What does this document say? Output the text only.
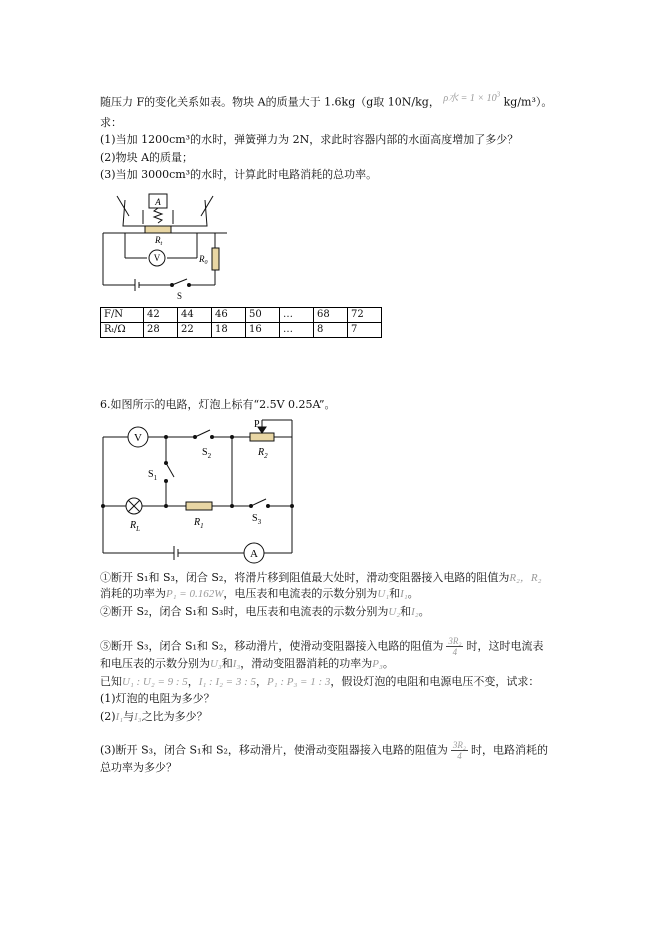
随压力 F的变化关系如表。物块 A的质量大于 1.6kg（g取 10N/kg， ρ水 = $1 \times 10^3$ kg/m³）。
求：
(1)当加 1200cm³的水时，弹簧弹力为 2N，求此时容器内部的水面高度增加了多少？
(2)物块 A的质量；
(3)当加 3000cm³的水时，计算此时电路消耗的总功率。
A
$R_t$
V	$R_0$
S
F/N	42	44	46	50	…	68	72
Rₜ/Ω	28	22	18	16	…	8	7
6.如图所示的电路，灯泡上标有“2.5V 0.25A”。
V
A
P
$R_2$
$S_2$
$S_1$
$R_L$
$R_1$
$S_3$
①断开 S₁和 S₃，闭合 S₂，将滑片移到阻值最大处时，滑动变阻器接入电路的阻值为R₂，R₂
消耗的功率为P₁ = 0.162W，电压表和电流表的示数分别为U₁和I₁。
②断开 S₂，闭合 S₁和 S₃时，电压表和电流表的示数分别为U₂和I₂。
⑤断开 S₃，闭合 S₁和 S₂，移动滑片，使滑动变阻器接入电路的阻值为 $\frac{\text{3R₂}}{4}$ 时，这时电流表
和电压表的示数分别为U₃和I₃，滑动变阻器消耗的功率为P₃。
已知U₁ : U₂ = 9 : 5，I₁ : I₂ = 3 : 5，P₁ : P₃ = 1 : 3，假设灯泡的电阻和电源电压不变，试求：
(1)灯泡的电阻为多少？
(2)I₁与I₃之比为多少？
(3)断开 S₃，闭合 S₁和 S₂，移动滑片，使滑动变阻器接入电路的阻值为 $\frac{\text{3R₂}}{4}$ 时，电路消耗的
总功率为多少？
